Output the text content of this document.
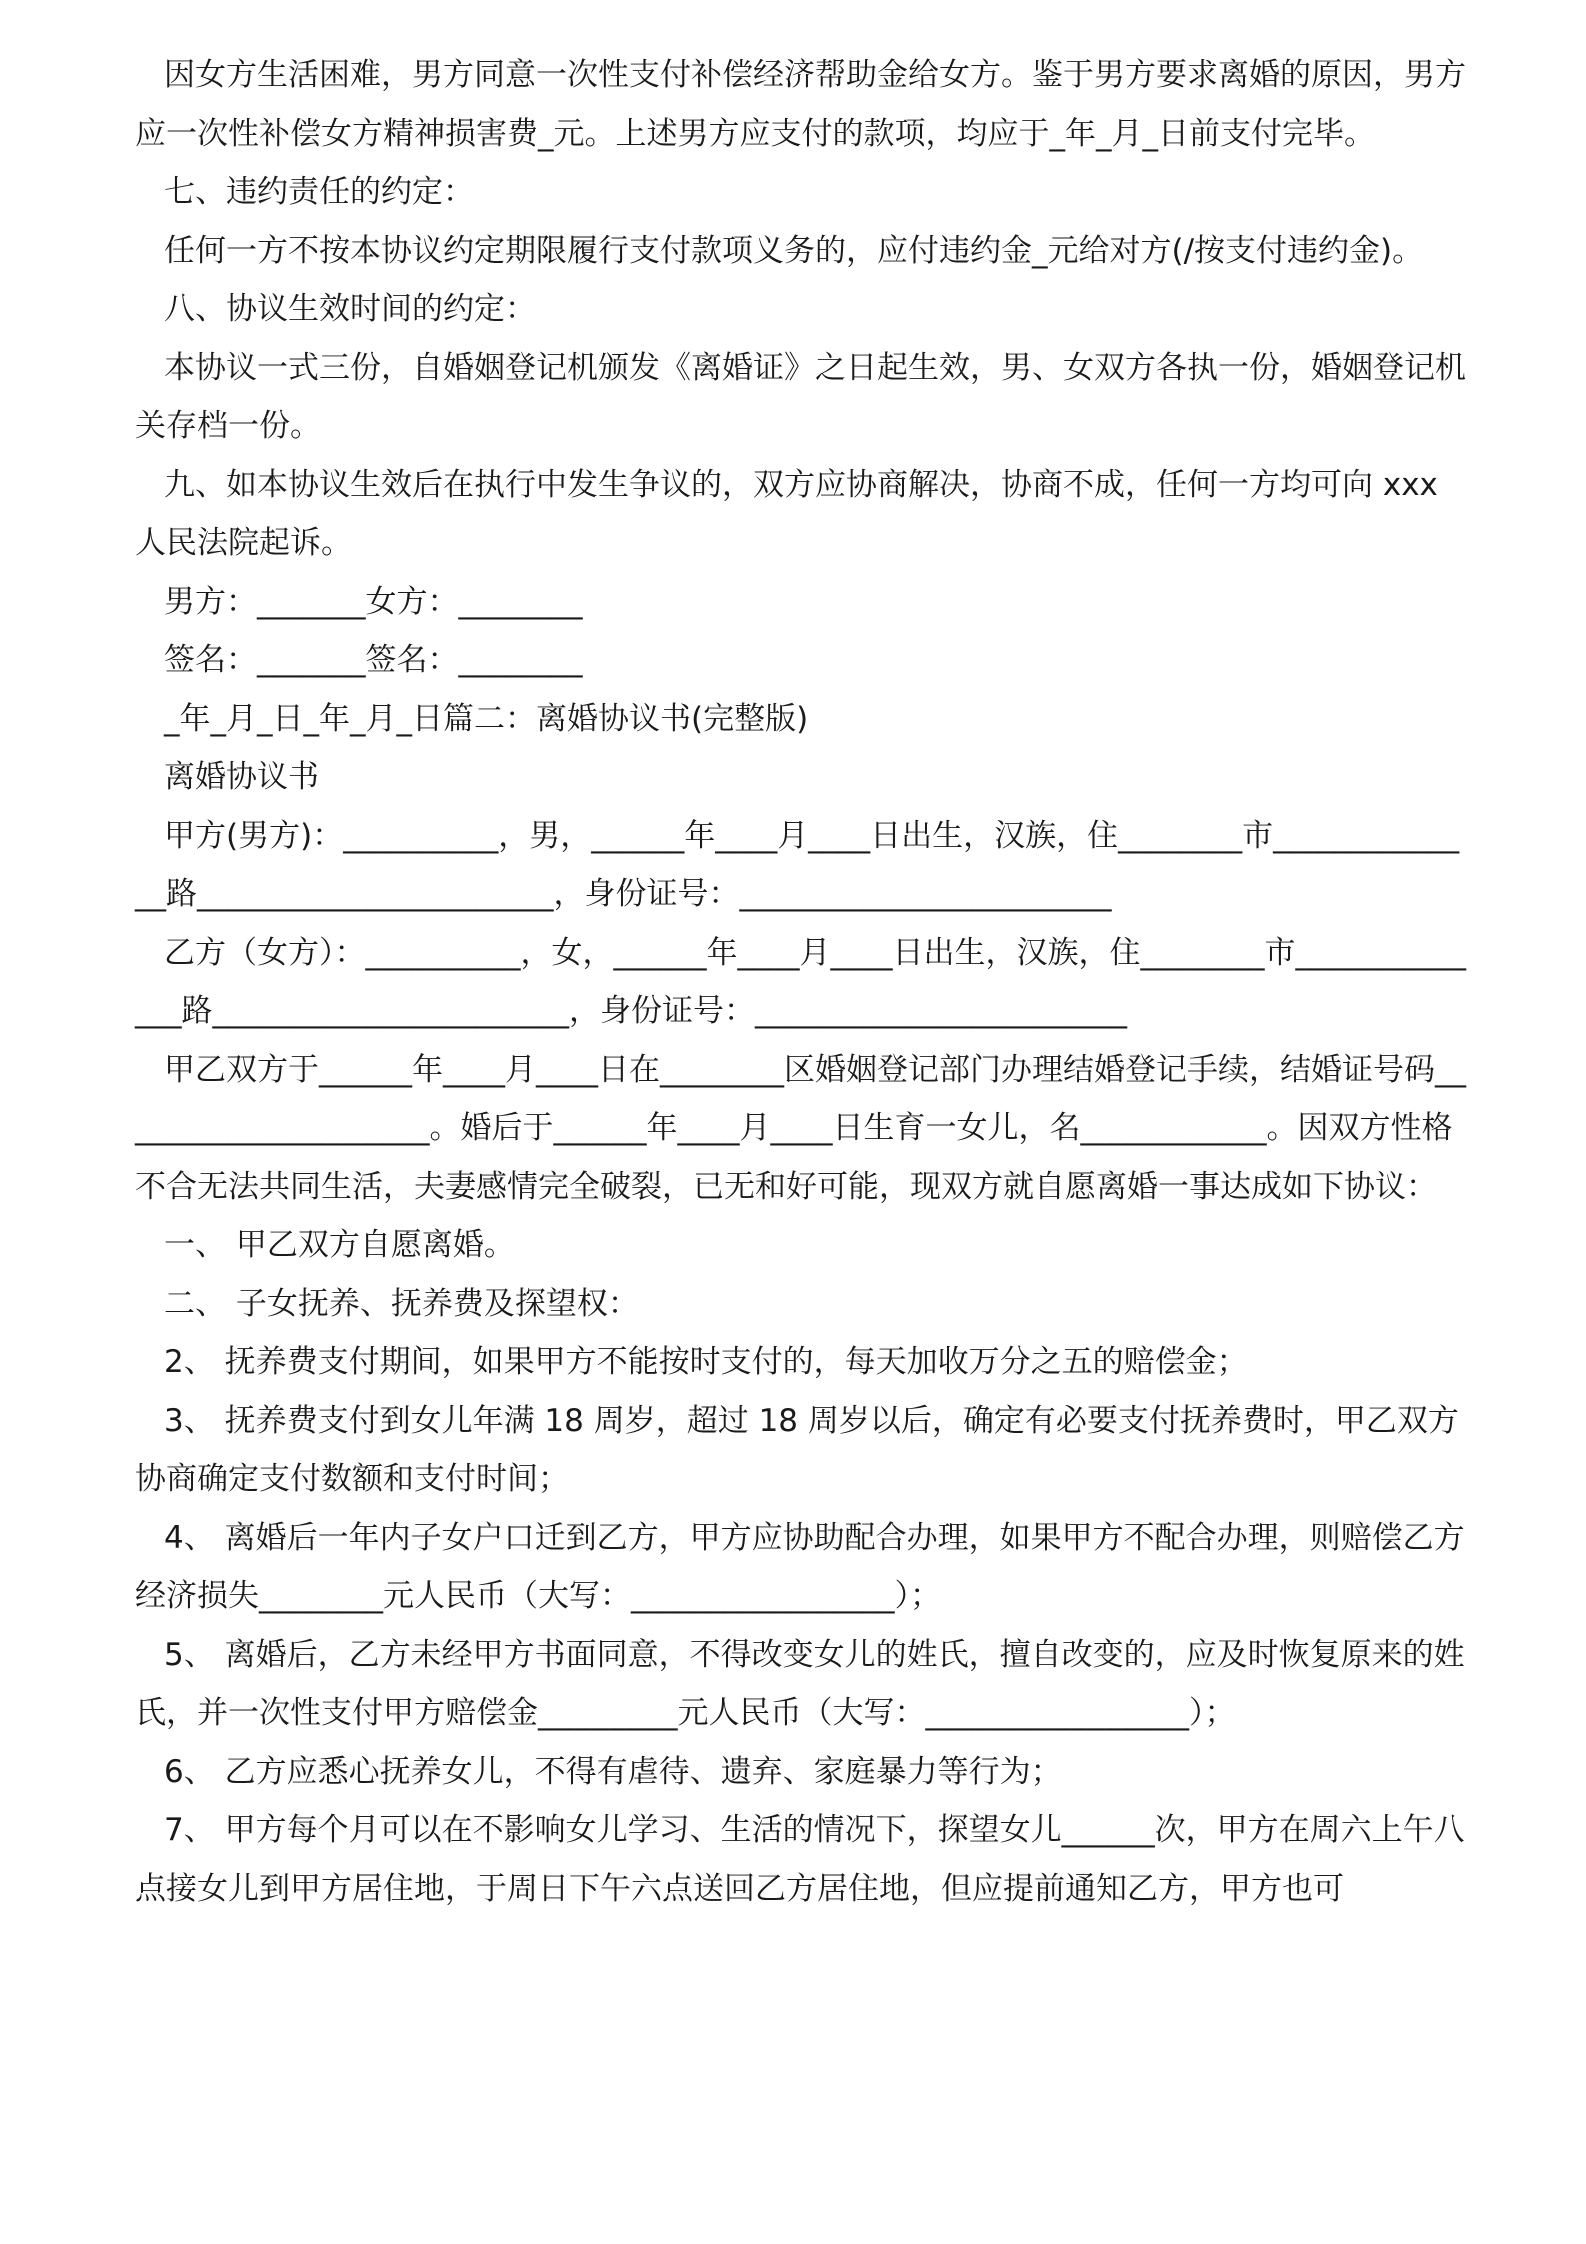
因女方生活困难，男方同意一次性支付补偿经济帮助金给女方。鉴于男方要求离婚的原因，男方应一次性补偿女方精神损害费_元。上述男方应支付的款项，均应于_年_月_日前支付完毕。

七、违约责任的约定：

任何一方不按本协议约定期限履行支付款项义务的，应付违约金_元给对方(/按支付违约金)。

八、协议生效时间的约定：

本协议一式三份，自婚姻登记机颁发《离婚证》之日起生效，男、女双方各执一份，婚姻登记机关存档一份。

九、如本协议生效后在执行中发生争议的，双方应协商解决，协商不成，任何一方均可向 xxx 人民法院起诉。

男方：_______女方：________

签名：_______签名：________

_年_月_日_年_月_日篇二：离婚协议书(完整版)

离婚协议书

甲方(男方)：__________，男，______年____月____日出生，汉族，住________市______________路_______________________，身份证号：________________________

乙方（女方）：__________，女，______年____月____日出生，汉族，住________市______________路_______________________，身份证号：________________________

甲乙双方于______年____月____日在________区婚姻登记部门办理结婚登记手续，结婚证号码_____________________。婚后于______年____月____日生育一女儿，名____________。因双方性格不合无法共同生活，夫妻感情完全破裂，已无和好可能，现双方就自愿离婚一事达成如下协议：

一、 甲乙双方自愿离婚。

二、 子女抚养、抚养费及探望权：

2、 抚养费支付期间，如果甲方不能按时支付的，每天加收万分之五的赔偿金；

3、 抚养费支付到女儿年满 18 周岁，超过 18 周岁以后，确定有必要支付抚养费时，甲乙双方协商确定支付数额和支付时间；

4、 离婚后一年内子女户口迁到乙方，甲方应协助配合办理，如果甲方不配合办理，则赔偿乙方经济损失________元人民币（大写：_________________）；

5、 离婚后，乙方未经甲方书面同意，不得改变女儿的姓氏，擅自改变的，应及时恢复原来的姓氏，并一次性支付甲方赔偿金_________元人民币（大写：_________________）；

6、 乙方应悉心抚养女儿，不得有虐待、遗弃、家庭暴力等行为；

7、 甲方每个月可以在不影响女儿学习、生活的情况下，探望女儿______次，甲方在周六上午八点接女儿到甲方居住地，于周日下午六点送回乙方居住地，但应提前通知乙方，甲方也可
